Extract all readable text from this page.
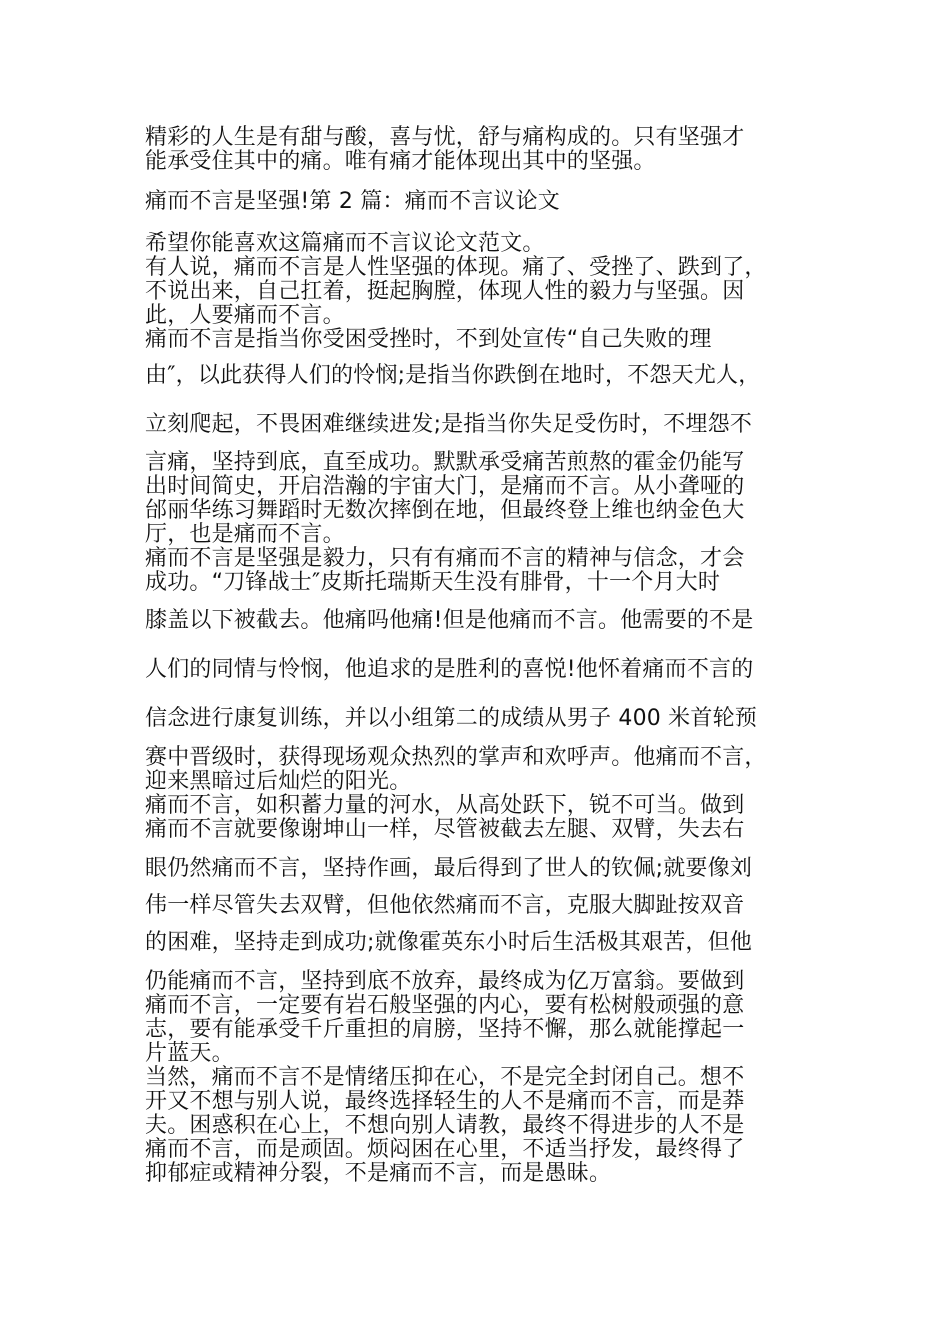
精彩的人生是有甜与酸，喜与忧，舒与痛构成的。只有坚强才

能承受住其中的痛。唯有痛才能体现出其中的坚强。

痛而不言是坚强!第 2 篇：痛而不言议论文

希望你能喜欢这篇痛而不言议论文范文。

有人说，痛而不言是人性坚强的体现。痛了、受挫了、跌到了，

不说出来，自己扛着，挺起胸膛，体现人性的毅力与坚强。因

此，人要痛而不言。

痛而不言是指当你受困受挫时，不到处宣传“自己失败的理

由″，以此获得人们的怜悯;是指当你跌倒在地时，不怨天尤人，

立刻爬起，不畏困难继续进发;是指当你失足受伤时，不埋怨不

言痛，坚持到底，直至成功。默默承受痛苦煎熬的霍金仍能写

出时间简史，开启浩瀚的宇宙大门，是痛而不言。从小聋哑的

邰丽华练习舞蹈时无数次摔倒在地，但最终登上维也纳金色大

厅，也是痛而不言。

痛而不言是坚强是毅力，只有有痛而不言的精神与信念，才会

成功。“刀锋战士″皮斯托瑞斯天生没有腓骨，十一个月大时

膝盖以下被截去。他痛吗他痛!但是他痛而不言。他需要的不是

人们的同情与怜悯，他追求的是胜利的喜悦!他怀着痛而不言的

信念进行康复训练，并以小组第二的成绩从男子 400 米首轮预

赛中晋级时，获得现场观众热烈的掌声和欢呼声。他痛而不言，

迎来黑暗过后灿烂的阳光。

痛而不言，如积蓄力量的河水，从高处跃下，锐不可当。做到

痛而不言就要像谢坤山一样，尽管被截去左腿、双臂，失去右

眼仍然痛而不言，坚持作画，最后得到了世人的钦佩;就要像刘

伟一样尽管失去双臂，但他依然痛而不言，克服大脚趾按双音

的困难，坚持走到成功;就像霍英东小时后生活极其艰苦，但他

仍能痛而不言，坚持到底不放弃，最终成为亿万富翁。要做到

痛而不言，一定要有岩石般坚强的内心，要有松树般顽强的意

志，要有能承受千斤重担的肩膀，坚持不懈，那么就能撑起一

片蓝天。

当然，痛而不言不是情绪压抑在心，不是完全封闭自己。想不

开又不想与别人说，最终选择轻生的人不是痛而不言，而是莽

夫。困惑积在心上，不想向别人请教，最终不得进步的人不是

痛而不言，而是顽固。烦闷困在心里，不适当抒发，最终得了

抑郁症或精神分裂，不是痛而不言，而是愚昧。
